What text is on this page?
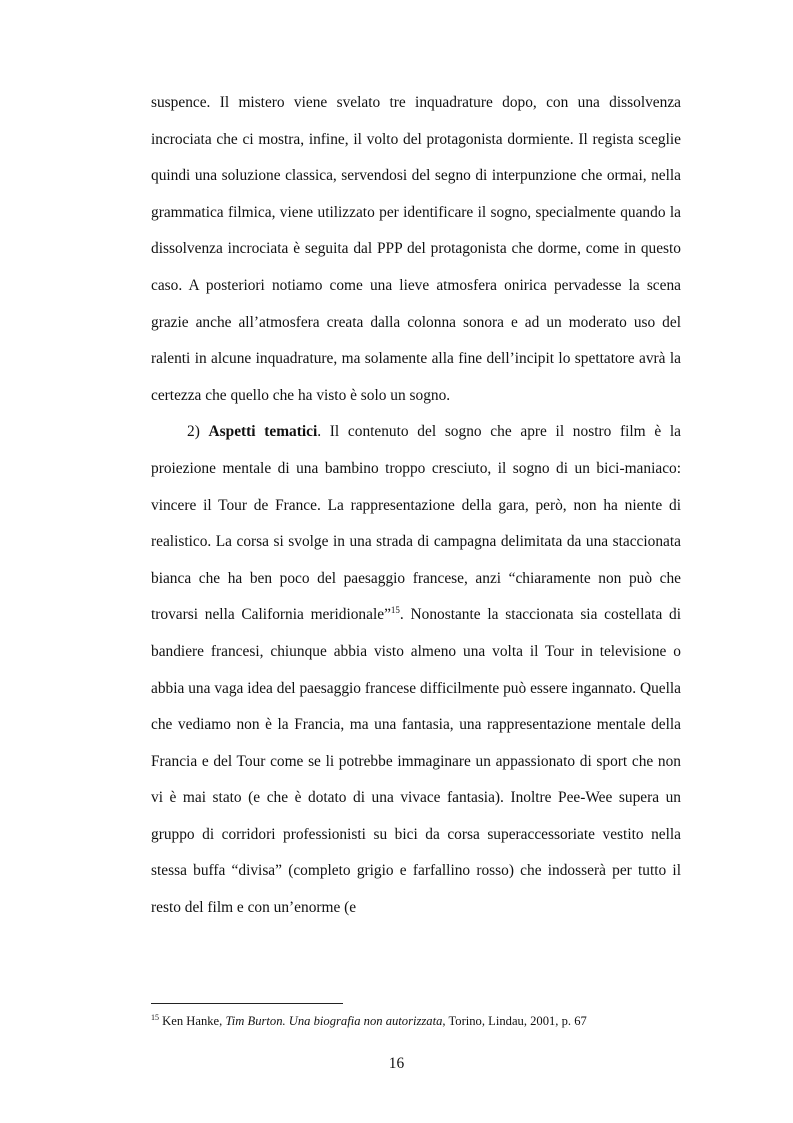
suspence. Il mistero viene svelato tre inquadrature dopo, con una dissolvenza incrociata che ci mostra, infine, il volto del protagonista dormiente. Il regista sceglie quindi una soluzione classica, servendosi del segno di interpunzione che ormai, nella grammatica filmica, viene utilizzato per identificare il sogno, specialmente quando la dissolvenza incrociata è seguita dal PPP del protagonista che dorme, come in questo caso. A posteriori notiamo come una lieve atmosfera onirica pervadesse la scena grazie anche all’atmosfera creata dalla colonna sonora e ad un moderato uso del ralenti in alcune inquadrature, ma solamente alla fine dell’incipit lo spettatore avrà la certezza che quello che ha visto è solo un sogno.

2) Aspetti tematici. Il contenuto del sogno che apre il nostro film è la proiezione mentale di una bambino troppo cresciuto, il sogno di un bici-maniaco: vincere il Tour de France. La rappresentazione della gara, però, non ha niente di realistico. La corsa si svolge in una strada di campagna delimitata da una staccionata bianca che ha ben poco del paesaggio francese, anzi “chiaramente non può che trovarsi nella California meridionale”$^{15}$. Nonostante la staccionata sia costellata di bandiere francesi, chiunque abbia visto almeno una volta il Tour in televisione o abbia una vaga idea del paesaggio francese difficilmente può essere ingannato. Quella che vediamo non è la Francia, ma una fantasia, una rappresentazione mentale della Francia e del Tour come se li potrebbe immaginare un appassionato di sport che non vi è mai stato (e che è dotato di una vivace fantasia). Inoltre Pee-Wee supera un gruppo di corridori professionisti su bici da corsa superaccessoriate vestito nella stessa buffa “divisa” (completo grigio e farfallino rosso) che indosserà per tutto il resto del film e con un’enorme (e

$^{15}$ Ken Hanke, Tim Burton. Una biografia non autorizzata, Torino, Lindau, 2001, p. 67
16
